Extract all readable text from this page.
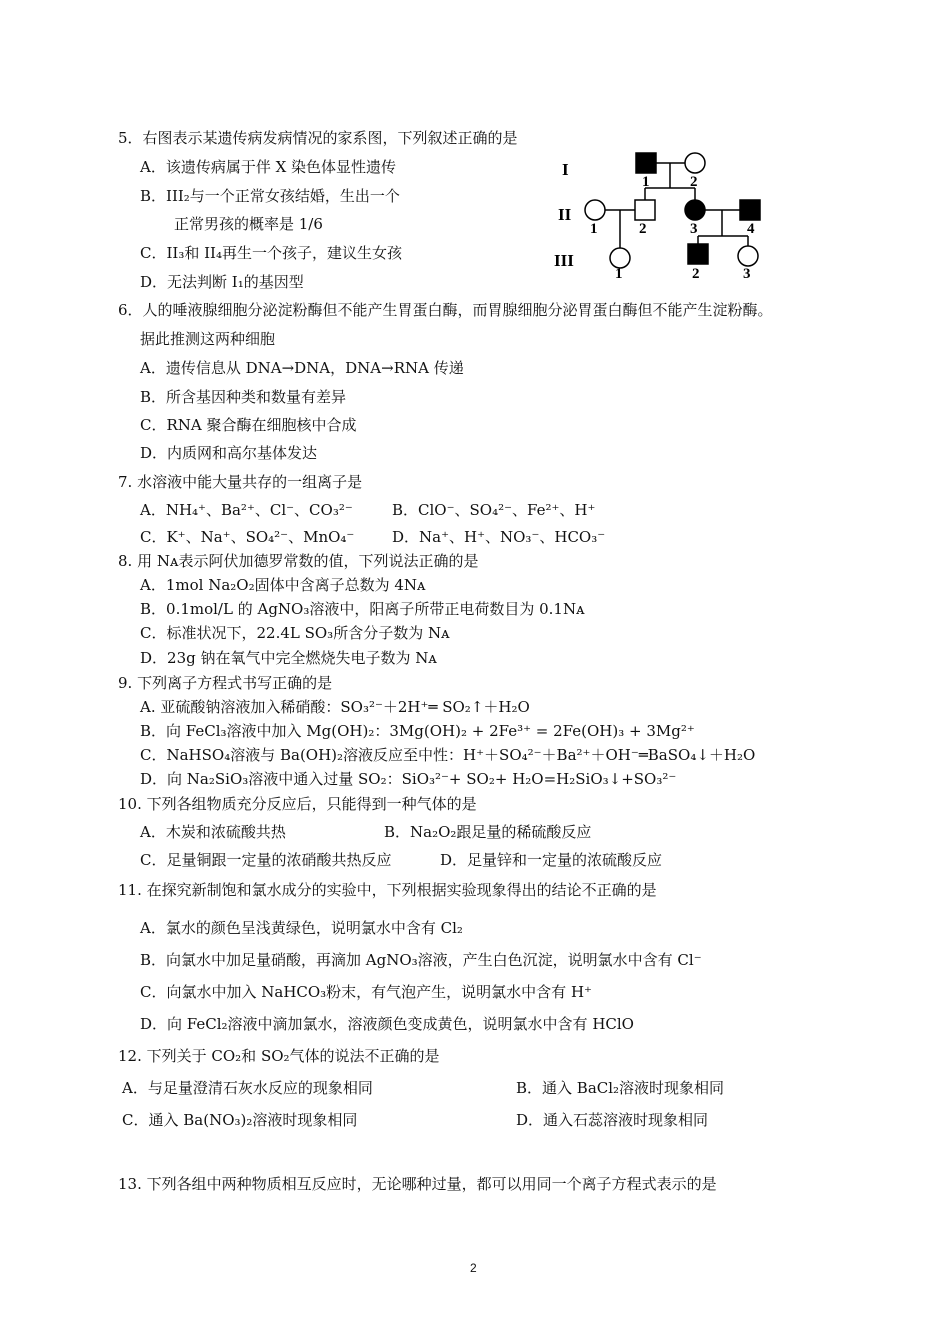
5．右图表示某遗传病发病情况的家系图，下列叙述正确的是
A．该遗传病属于伴 X 染色体显性遗传
B．III₂与一个正常女孩结婚，生出一个
正常男孩的概率是 1/6
C．II₃和 II₄再生一个孩子，建议生女孩
D．无法判断 I₁的基因型
I
II
III
1	2
1	2	3	4
1	2	3
6．人的唾液腺细胞分泌淀粉酶但不能产生胃蛋白酶，而胃腺细胞分泌胃蛋白酶但不能产生淀粉酶。
据此推测这两种细胞
A．遗传信息从 DNA→DNA，DNA→RNA 传递
B．所含基因种类和数量有差异
C．RNA 聚合酶在细胞核中合成
D．内质网和高尔基体发达
7. 水溶液中能大量共存的一组离子是
A．NH₄⁺、Ba²⁺、Cl⁻、CO₃²⁻	B．ClO⁻、SO₄²⁻、Fe²⁺、H⁺
C．K⁺、Na⁺、SO₄²⁻、MnO₄⁻	D．Na⁺、H⁺、NO₃⁻、HCO₃⁻
8. 用 Nᴀ表示阿伏加德罗常数的值，下列说法正确的是
A．1mol Na₂O₂固体中含离子总数为 4Nᴀ
B．0.1mol/L 的 AgNO₃溶液中，阳离子所带正电荷数目为 0.1Nᴀ
C．标准状况下，22.4L SO₃所含分子数为 Nᴀ
D．23g 钠在氧气中完全燃烧失电子数为 Nᴀ
9. 下列离子方程式书写正确的是
A. 亚硫酸钠溶液加入稀硝酸：SO₃²⁻＋2H⁺═ SO₂↑＋H₂O
B．向 FeCl₃溶液中加入 Mg(OH)₂：3Mg(OH)₂ + 2Fe³⁺ = 2Fe(OH)₃ + 3Mg²⁺
C．NaHSO₄溶液与 Ba(OH)₂溶液反应至中性：H⁺＋SO₄²⁻＋Ba²⁺＋OH⁻═BaSO₄↓＋H₂O
D．向 Na₂SiO₃溶液中通入过量 SO₂：SiO₃²⁻+ SO₂+ H₂O=H₂SiO₃↓+SO₃²⁻
10. 下列各组物质充分反应后，只能得到一种气体的是
A．木炭和浓硫酸共热	B．Na₂O₂跟足量的稀硫酸反应
C．足量铜跟一定量的浓硝酸共热反应	D．足量锌和一定量的浓硫酸反应
11. 在探究新制饱和氯水成分的实验中，下列根据实验现象得出的结论不正确的是
A．氯水的颜色呈浅黄绿色，说明氯水中含有 Cl₂
B．向氯水中加足量硝酸，再滴加 AgNO₃溶液，产生白色沉淀，说明氯水中含有 Cl⁻
C．向氯水中加入 NaHCO₃粉末，有气泡产生，说明氯水中含有 H⁺
D．向 FeCl₂溶液中滴加氯水，溶液颜色变成黄色，说明氯水中含有 HClO
12. 下列关于 CO₂和 SO₂气体的说法不正确的是
A．与足量澄清石灰水反应的现象相同	B．通入 BaCl₂溶液时现象相同
C．通入 Ba(NO₃)₂溶液时现象相同	D．通入石蕊溶液时现象相同
13. 下列各组中两种物质相互反应时，无论哪种过量，都可以用同一个离子方程式表示的是
2
